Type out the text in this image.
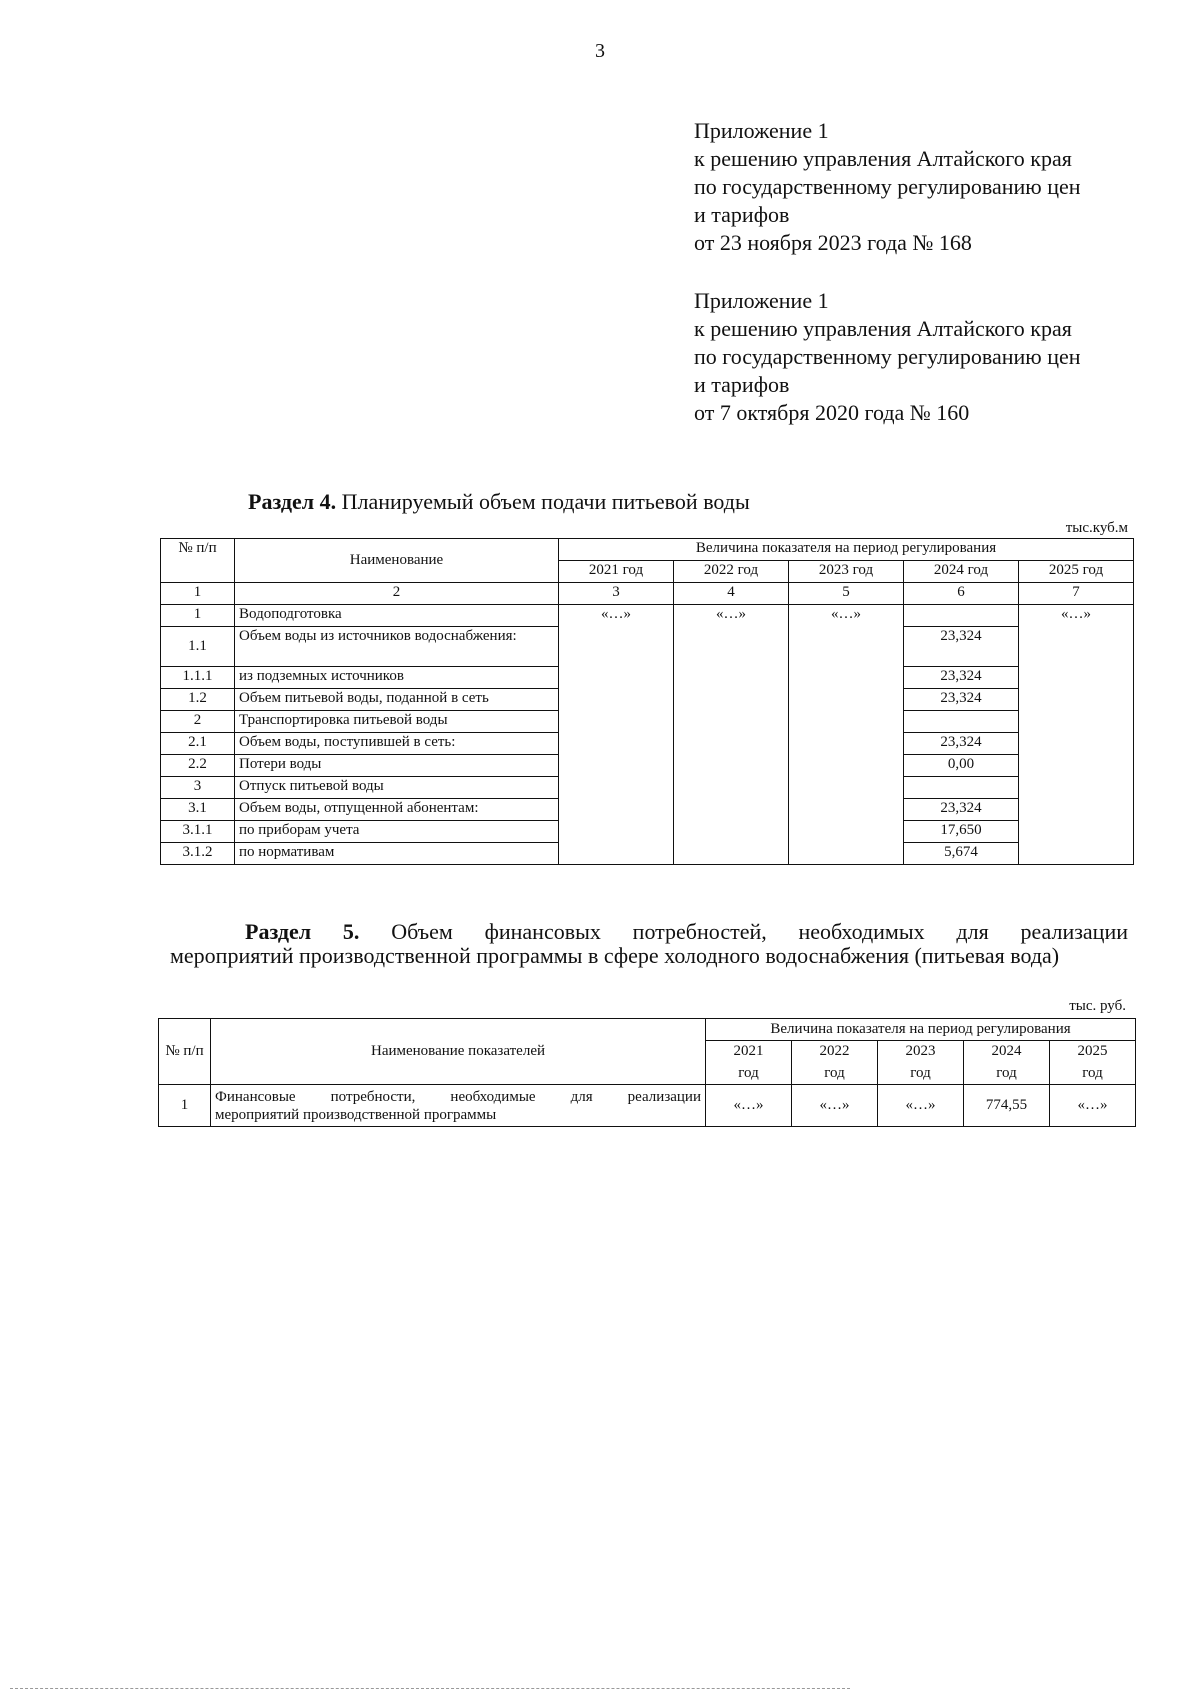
3
Приложение 1
к решению управления Алтайского края
по государственному регулированию цен
и тарифов
от 23 ноября 2023 года № 168
Приложение 1
к решению управления Алтайского края
по государственному регулированию цен
и тарифов
от 7 октября 2020 года № 160
Раздел 4. Планируемый объем подачи питьевой воды
тыс.куб.м
№ п/п	Наименование	Величина показателя на период регулирования				
		2021 год	2022 год	2023 год	2024 год	2025 год
1	2	3	4	5	6	7
1	Водоподготовка	«…»	«…»	«…»		«…»
1.1	Объем воды из источников водоснабжения:				23,324	
1.1.1	из подземных источников				23,324	
1.2	Объем питьевой воды, поданной в сеть				23,324	
2	Транспортировка питьевой воды					
2.1	Объем воды, поступившей в сеть:				23,324	
2.2	Потери воды				0,00	
3	Отпуск питьевой воды					
3.1	Объем воды, отпущенной абонентам:				23,324	
3.1.1	по приборам учета				17,650	
3.1.2	по нормативам				5,674	
Раздел 5. Объем финансовых потребностей, необходимых для реализации
мероприятий производственной программы в сфере холодного водоснабжения (питьевая вода)
тыс. руб.
№ п/п	Наименование показателей	Величина показателя на период регулирования				
		2021	2022	2023	2024	2025
		год	год	год	год	год
1	Финансовые потребности, необходимые для реализации
мероприятий производственной программы	«…»	«…»	«…»	774,55	«…»
